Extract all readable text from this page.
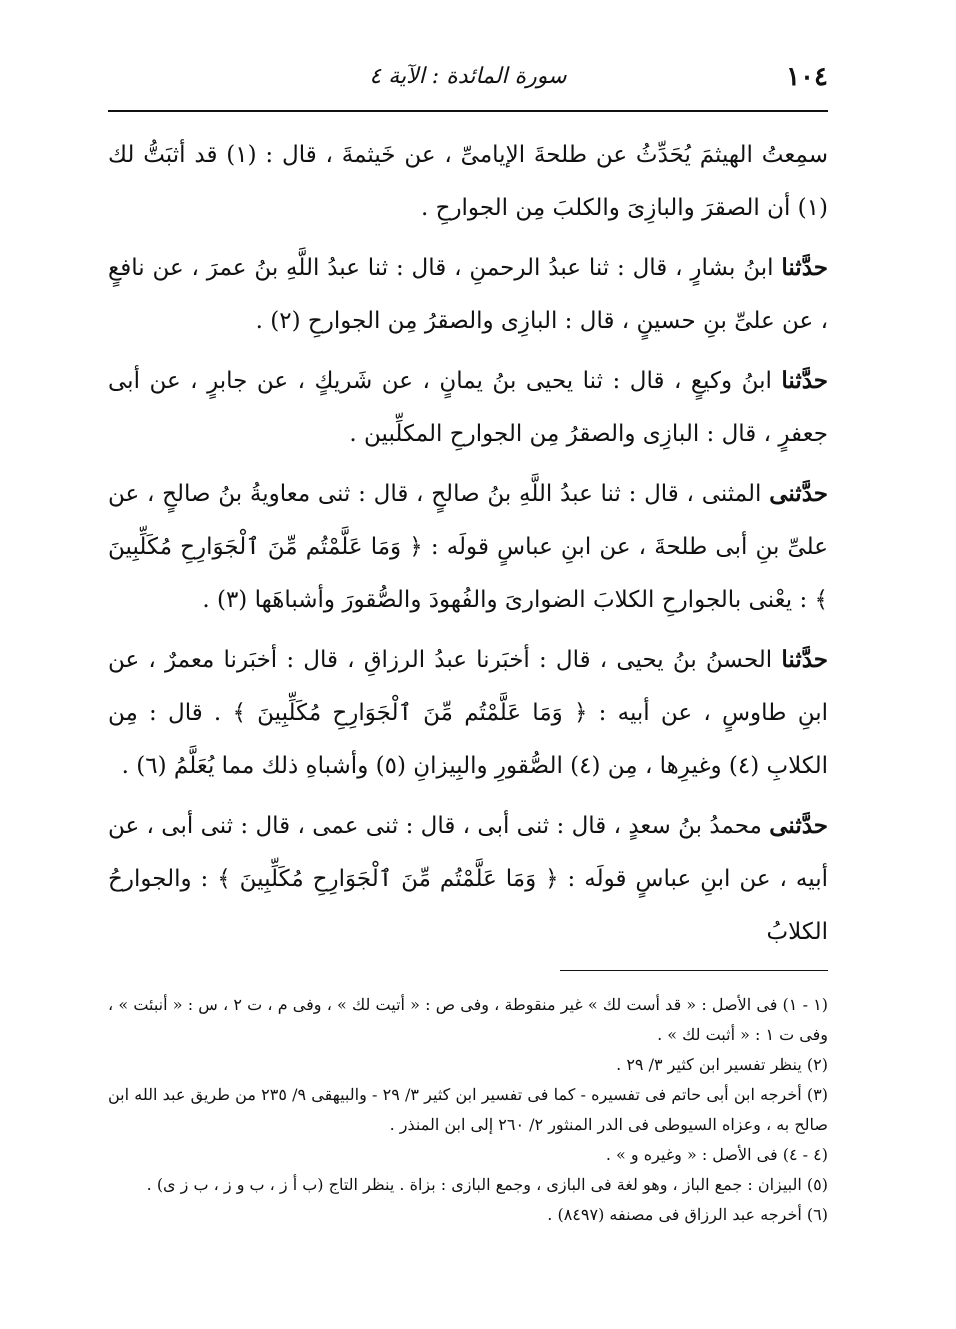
١٠٤
سورة المائدة : الآية ٤

سمِعتُ الهيثمَ يُحَدِّثُ عن طلحةَ الإيامىِّ ، عن خَيثمةَ ، قال : (١) قد أثبَتُّ لك (١) أن الصقرَ والبازِىَ والكلبَ مِن الجوارحِ .

حدَّثنا ابنُ بشارٍ ، قال : ثنا عبدُ الرحمنِ ، قال : ثنا عبدُ اللَّهِ بنُ عمرَ ، عن نافعٍ ، عن علىِّ بنِ حسينٍ ، قال : البازِى والصقرُ مِن الجوارحِ (٢) .

حدَّثنا ابنُ وكيعٍ ، قال : ثنا يحيى بنُ يمانٍ ، عن شَريكٍ ، عن جابرٍ ، عن أبى جعفرٍ ، قال : البازِى والصقرُ مِن الجوارحِ المكلِّبين .

حدَّثنى المثنى ، قال : ثنا عبدُ اللَّهِ بنُ صالحٍ ، قال : ثنى معاويةُ بنُ صالحٍ ، عن علىِّ بنِ أبى طلحةَ ، عن ابنِ عباسٍ قولَه : ﴿ وَمَا عَلَّمْتُم مِّنَ ٱلْجَوَارِحِ مُكَلِّبِينَ ﴾ : يعْنى بالجوارحِ الكلابَ الضوارىَ والفُهودَ والصُّقورَ وأشباهَها (٣) .

حدَّثنا الحسنُ بنُ يحيى ، قال : أخبَرنا عبدُ الرزاقِ ، قال : أخبَرنا معمرٌ ، عن ابنِ طاوسٍ ، عن أبيه : ﴿ وَمَا عَلَّمْتُم مِّنَ ٱلْجَوَارِحِ مُكَلِّبِينَ ﴾ . قال : مِن الكلابِ (٤) وغيرِها ، مِن (٤) الصُّقورِ والبِيزانِ (٥) وأشباهِ ذلك مما يُعَلَّمُ (٦) .

حدَّثنى محمدُ بنُ سعدٍ ، قال : ثنى أبى ، قال : ثنى عمى ، قال : ثنى أبى ، عن أبيه ، عن ابنِ عباسٍ قولَه : ﴿ وَمَا عَلَّمْتُم مِّنَ ٱلْجَوَارِحِ مُكَلِّبِينَ ﴾ : والجوارحُ الكلابُ

(١ - ١) فى الأصل : « قد أست لك » غير منقوطة ، وفى ص : « أتيت لك » ، وفى م ، ت ٢ ، س : « أنبئت » ، وفى ت ١ : « أثبت لك » .

(٢) ينظر تفسير ابن كثير ٣/ ٢٩ .

(٣) أخرجه ابن أبى حاتم فى تفسيره - كما فى تفسير ابن كثير ٣/ ٢٩ - والبيهقى ٩/ ٢٣٥ من طريق عبد الله ابن صالح به ، وعزاه السيوطى فى الدر المنثور ٢/ ٢٦٠ إلى ابن المنذر .

(٤ - ٤) فى الأصل : « وغيره و » .

(٥) البيزان : جمع الباز ، وهو لغة فى البازى ، وجمع البازى : بزاة . ينظر التاج (ب أ ز ، ب و ز ، ب ز ى) .

(٦) أخرجه عبد الرزاق فى مصنفه (٨٤٩٧) .
